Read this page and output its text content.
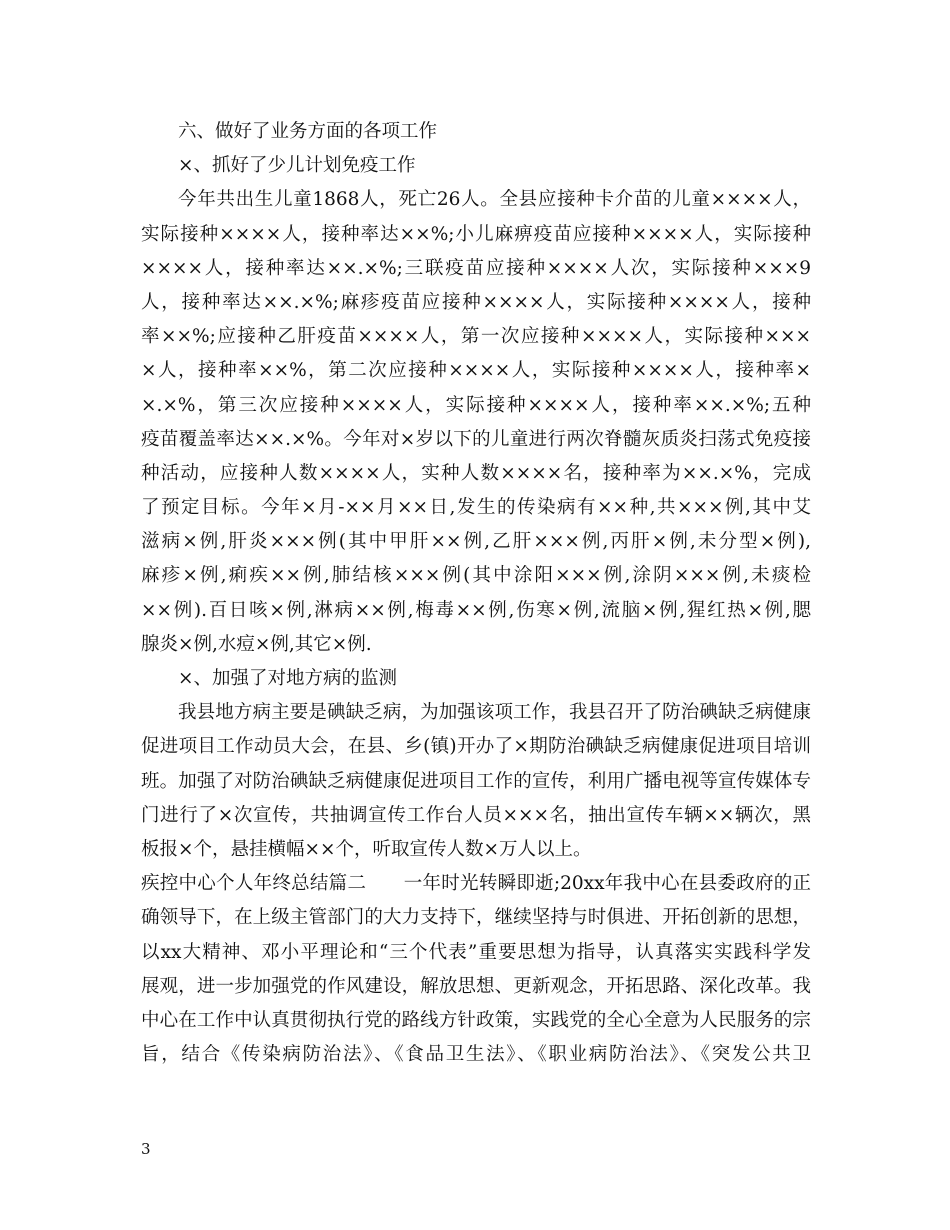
六、做好了业务方面的各项工作
×、抓好了少儿计划免疫工作
今年共出生儿童1868人，死亡26人。全县应接种卡介苗的儿童××××人，
实际接种××××人，接种率达××%;小儿麻痹疫苗应接种××××人，实际接种
××××人，接种率达××.×%;三联疫苗应接种××××人次，实际接种×××9
人，接种率达××.×%;麻疹疫苗应接种××××人，实际接种××××人，接种
率××%;应接种乙肝疫苗××××人，第一次应接种××××人，实际接种×××
×人，接种率××%，第二次应接种××××人，实际接种××××人，接种率×
×.×%，第三次应接种××××人，实际接种××××人，接种率××.×%;五种
疫苗覆盖率达××.×%。今年对×岁以下的儿童进行两次脊髓灰质炎扫荡式免疫接
种活动，应接种人数××××人，实种人数××××名，接种率为××.×%，完成
了预定目标。今年×月-××月××日,发生的传染病有××种,共×××例,其中艾
滋病×例,肝炎×××例(其中甲肝××例,乙肝×××例,丙肝×例,未分型×例),
麻疹×例,痢疾××例,肺结核×××例(其中涂阳×××例,涂阴×××例,未痰检
××例).百日咳×例,淋病××例,梅毒××例,伤寒×例,流脑×例,猩红热×例,腮
腺炎×例,水痘×例,其它×例.
×、加强了对地方病的监测
我县地方病主要是碘缺乏病，为加强该项工作，我县召开了防治碘缺乏病健康
促进项目工作动员大会，在县、乡(镇)开办了×期防治碘缺乏病健康促进项目培训
班。加强了对防治碘缺乏病健康促进项目工作的宣传，利用广播电视等宣传媒体专
门进行了×次宣传，共抽调宣传工作台人员×××名，抽出宣传车辆××辆次，黑
板报×个，悬挂横幅××个，听取宣传人数×万人以上。
疾控中心个人年终总结篇二　　一年时光转瞬即逝;20xx年我中心在县委政府的正
确领导下，在上级主管部门的大力支持下，继续坚持与时俱进、开拓创新的思想，
以xx大精神、邓小平理论和“三个代表”重要思想为指导，认真落实实践科学发
展观，进一步加强党的作风建设，解放思想、更新观念，开拓思路、深化改革。我
中心在工作中认真贯彻执行党的路线方针政策，实践党的全心全意为人民服务的宗
旨，结合《传染病防治法》、《食品卫生法》、《职业病防治法》、《突发公共卫
3
